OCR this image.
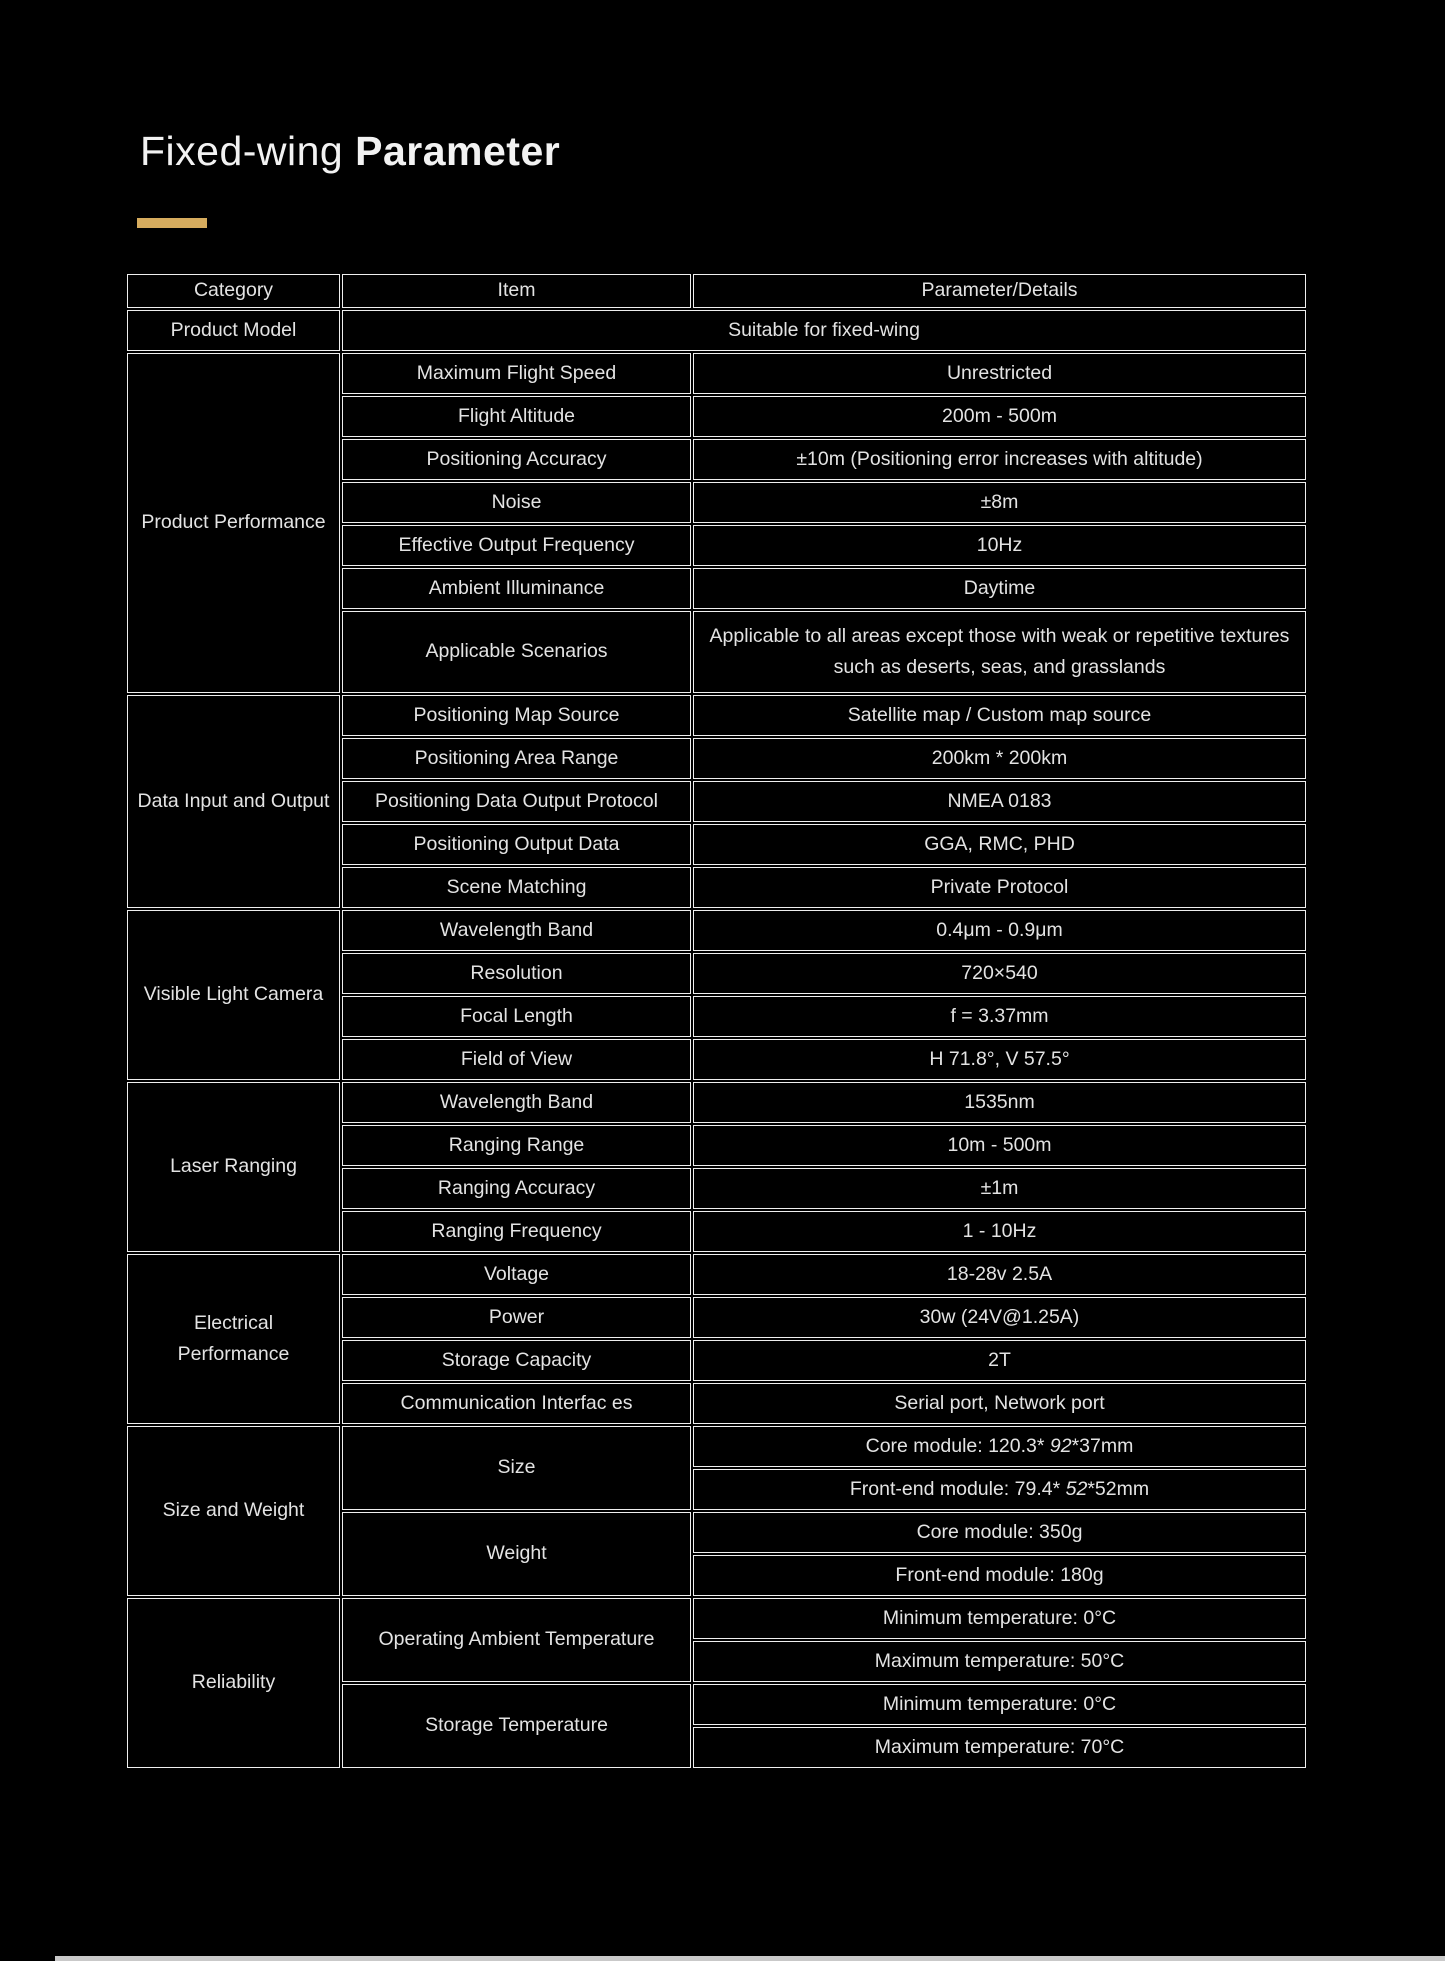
Fixed-wing Parameter
Category	Item	Parameter/Details
Product Model	Suitable for fixed-wing	
Product Performance	Maximum Flight Speed	Unrestricted
	Flight Altitude	200m - 500m
	Positioning Accuracy	±10m (Positioning error increases with altitude)
	Noise	±8m
	Effective Output Frequency	10Hz
	Ambient Illuminance	Daytime
	Applicable Scenarios	Applicable to all areas except those with weak or repetitive textures such as deserts, seas, and grasslands
Data Input and Output	Positioning Map Source	Satellite map / Custom map source
	Positioning Area Range	200km * 200km
	Positioning Data Output Protocol	NMEA 0183
	Positioning Output Data	GGA, RMC, PHD
	Scene Matching	Private Protocol
Visible Light Camera	Wavelength Band	0.4μm - 0.9μm
	Resolution	720×540
	Focal Length	f = 3.37mm
	Field of View	H 71.8°, V 57.5°
Laser Ranging	Wavelength Band	1535nm
	Ranging Range	10m - 500m
	Ranging Accuracy	±1m
	Ranging Frequency	1 - 10Hz
Electrical Performance	Voltage	18-28v 2.5A
	Power	30w (24V@1.25A)
	Storage Capacity	2T
	Communication Interfac es	Serial port, Network port
Size and Weight	Size	Core module: 120.3* 92*37mm
		Front-end module: 79.4* 52*52mm
	Weight	Core module: 350g
		Front-end module: 180g
Reliability	Operating Ambient Temperature	Minimum temperature: 0°C
		Maximum temperature: 50°C
	Storage Temperature	Minimum temperature: 0°C
		Maximum temperature: 70°C
